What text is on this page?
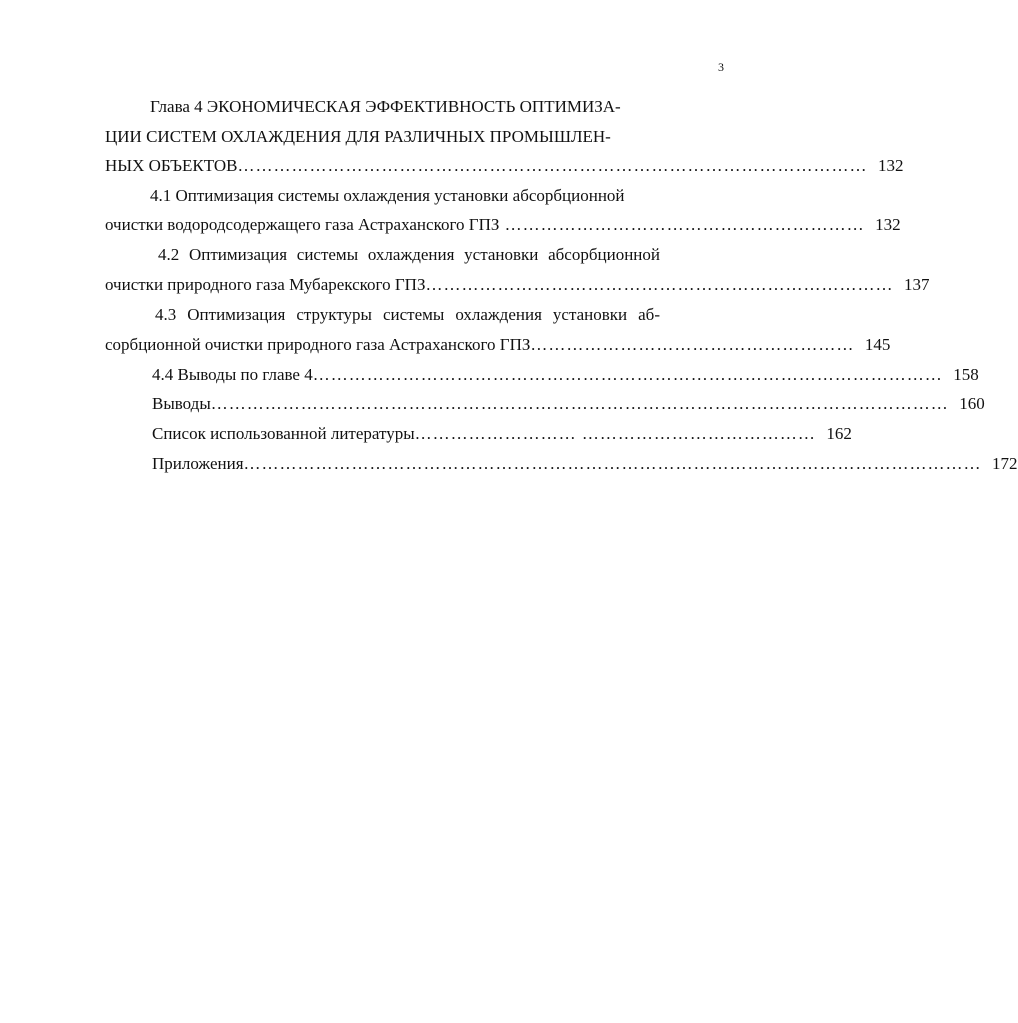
3
Глава 4 ЭКОНОМИЧЕСКАЯ ЭФФЕКТИВНОСТЬ ОПТИМИЗА-
ЦИИ СИСТЕМ ОХЛАЖДЕНИЯ ДЛЯ РАЗЛИЧНЫХ ПРОМЫШЛЕН-
НЫХ ОБЪЕКТОВ …………………………………………………………………………………………… 132
4.1 Оптимизация системы охлаждения установки абсорбционной
очистки водородсодержащего газа Астраханского ГПЗ …………………………………………………… 132
4.2 Оптимизация системы охлаждения установки абсорбционной
очистки природного газа Мубарекского ГПЗ …………………………………………………………………… 137
4.3 Оптимизация структуры системы охлаждения установки аб-
сорбционной очистки природного газа Астраханского ГПЗ ……………………………………………… 145
4.4 Выводы по главе 4 …………………………………………………………………………………………… 158
Выводы …………………………………………………………………………………………………………… 160
Список использованной литературы ……………………… ………………………………… 162
Приложения …………………………………………………………………………………………………………… 172
